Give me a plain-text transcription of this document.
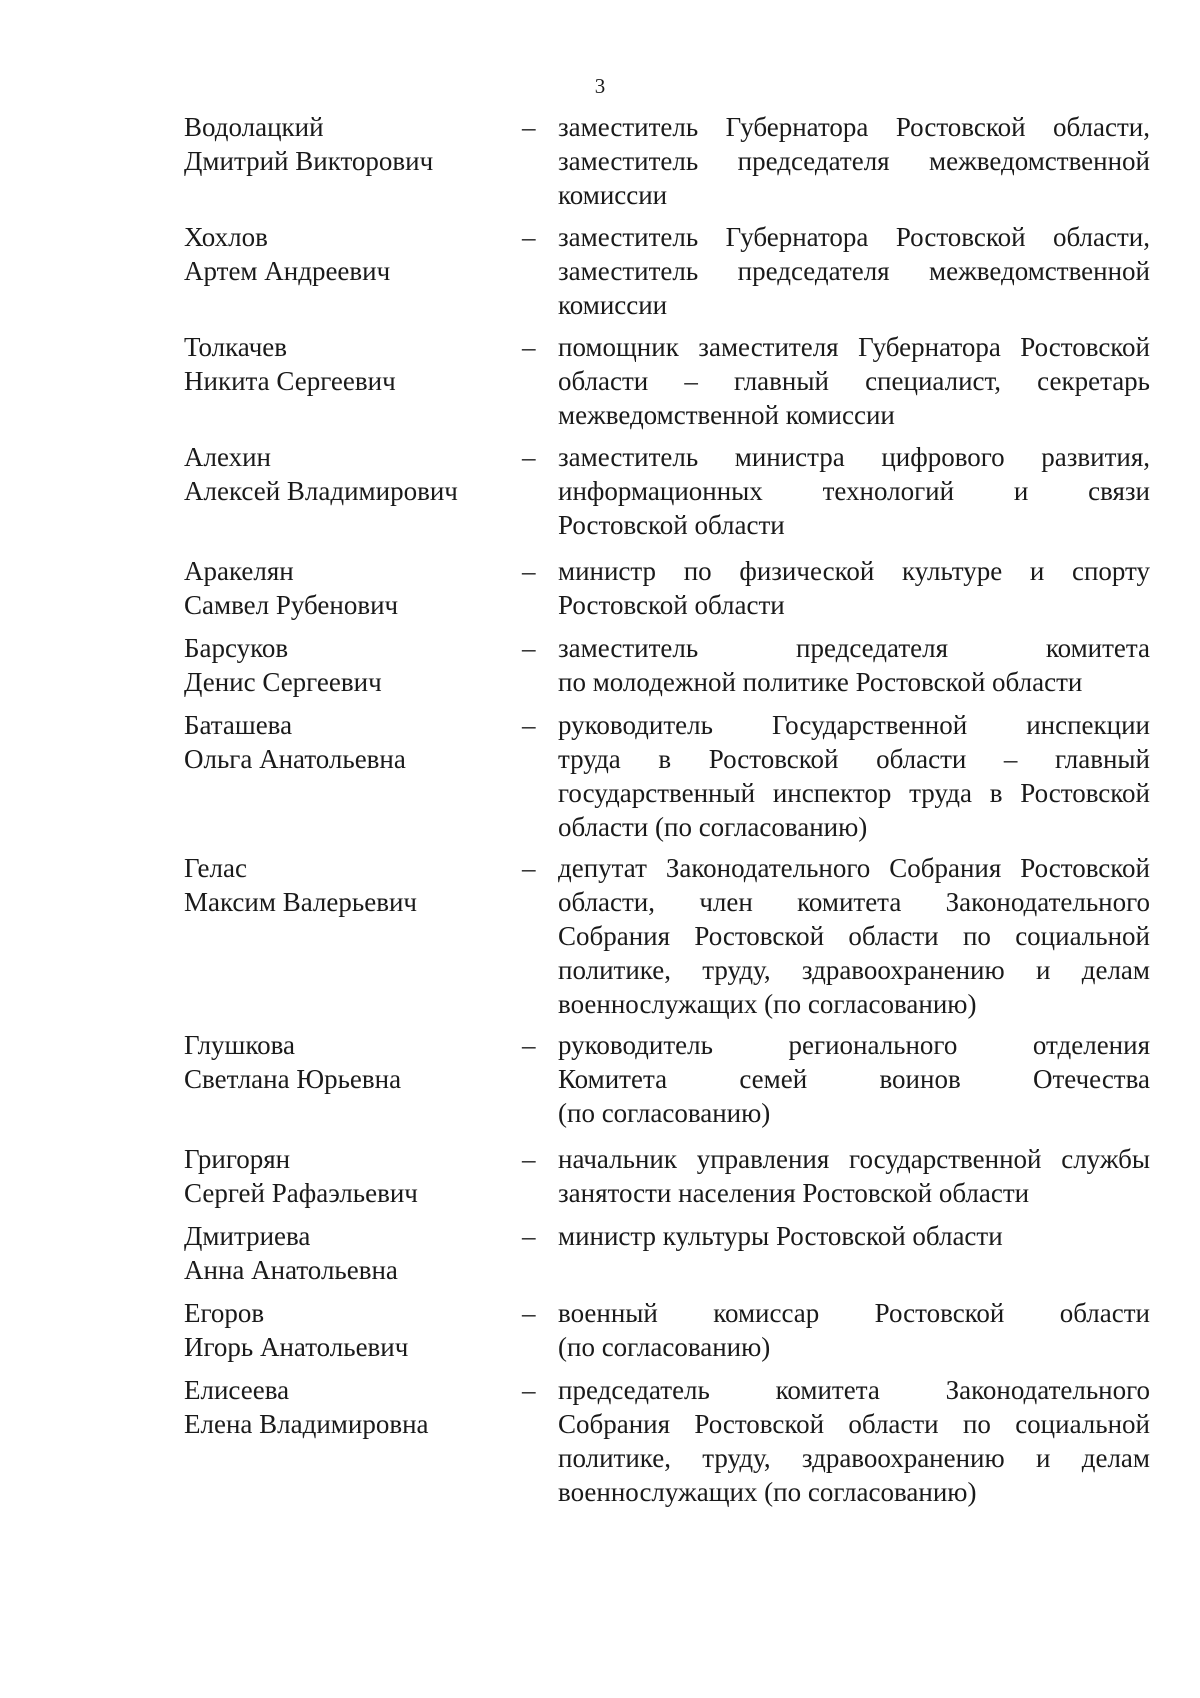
3
Водолацкий
Дмитрий Викторович
– заместитель Губернатора Ростовской области,
заместитель председателя межведомственной
комиссии
Хохлов
Артем Андреевич
– заместитель Губернатора Ростовской области,
заместитель председателя межведомственной
комиссии
Толкачев
Никита Сергеевич
– помощник заместителя Губернатора Ростовской
области – главный специалист, секретарь
межведомственной комиссии
Алехин
Алексей Владимирович
– заместитель министра цифрового развития,
информационных технологий и связи
Ростовской области
Аракелян
Самвел Рубенович
– министр по физической культуре и спорту
Ростовской области
Барсуков
Денис Сергеевич
– заместитель председателя комитета
по молодежной политике Ростовской области
Баташева
Ольга Анатольевна
– руководитель Государственной инспекции
труда в Ростовской области – главный
государственный инспектор труда в Ростовской
области (по согласованию)
Гелас
Максим Валерьевич
– депутат Законодательного Собрания Ростовской
области, член комитета Законодательного
Собрания Ростовской области по социальной
политике, труду, здравоохранению и делам
военнослужащих (по согласованию)
Глушкова
Светлана Юрьевна
– руководитель регионального отделения
Комитета семей воинов Отечества
(по согласованию)
Григорян
Сергей Рафаэльевич
– начальник управления государственной службы
занятости населения Ростовской области
Дмитриева
Анна Анатольевна
– министр культуры Ростовской области
Егоров
Игорь Анатольевич
– военный комиссар Ростовской области
(по согласованию)
Елисеева
Елена Владимировна
– председатель комитета Законодательного
Собрания Ростовской области по социальной
политике, труду, здравоохранению и делам
военнослужащих (по согласованию)
